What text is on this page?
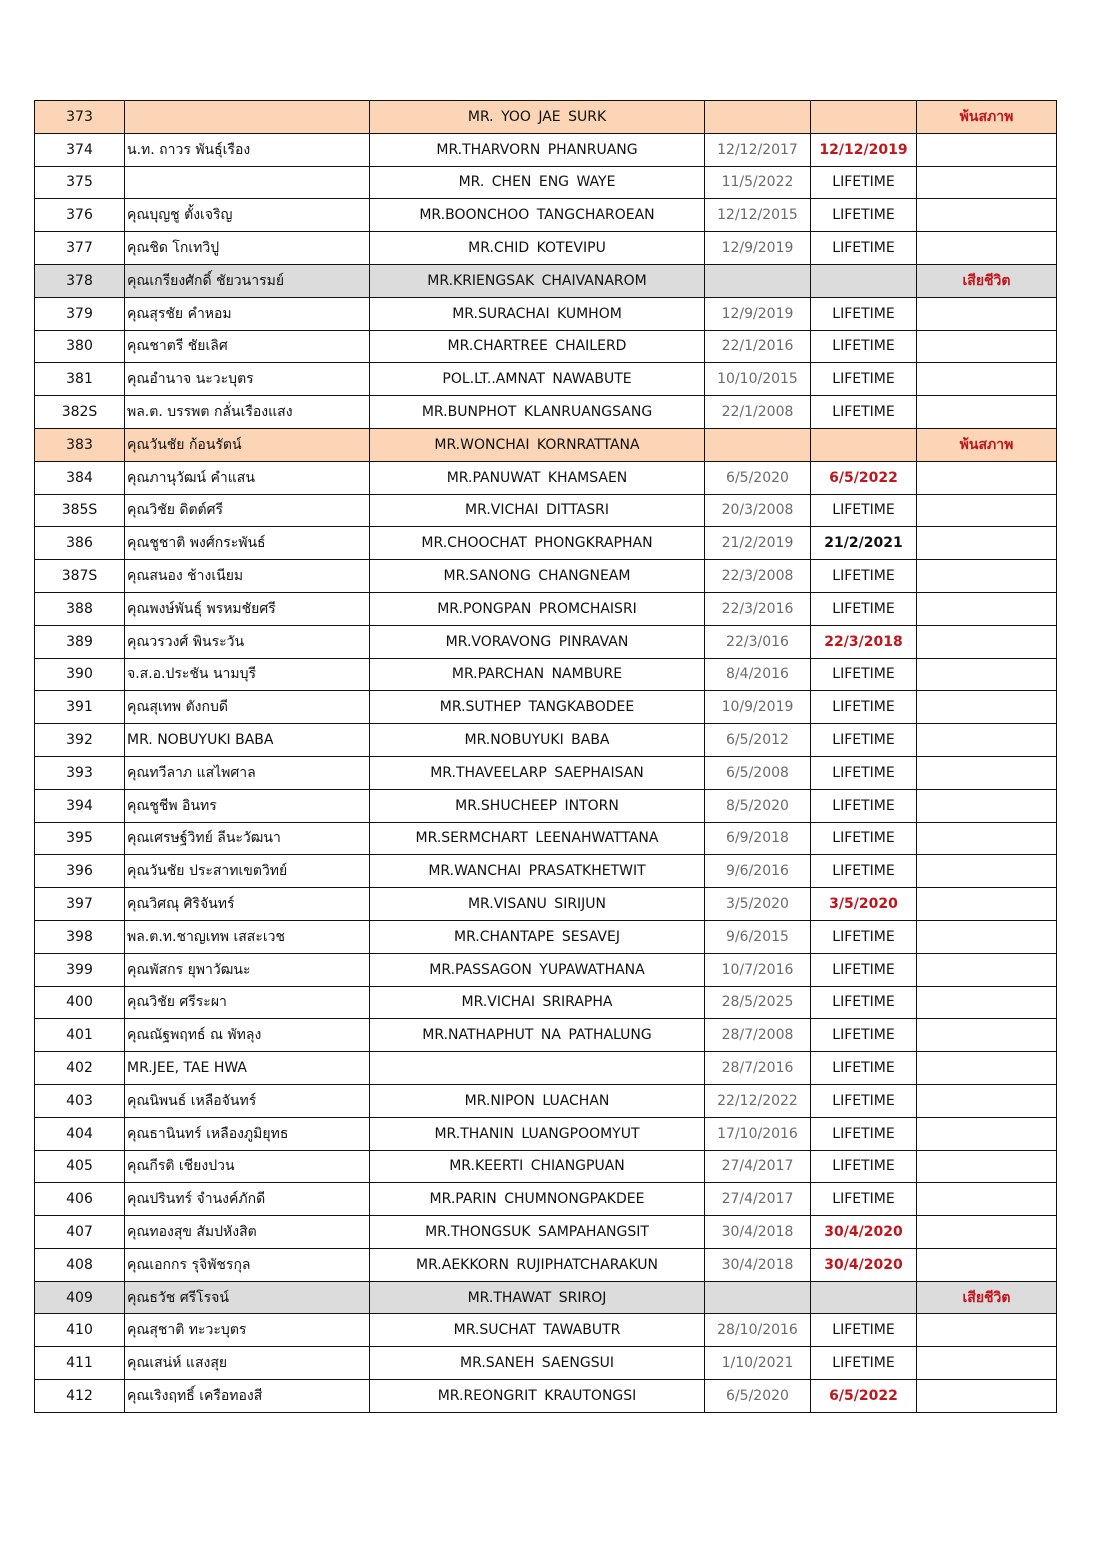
373		MR. YOO JAE SURK			พ้นสภาพ
374	น.ท. ถาวร พันธุ์เรือง	MR.THARVORN PHANRUANG	12/12/2017	12/12/2019	
375		MR. CHEN ENG WAYE	11/5/2022	LIFETIME	
376	คุณบุญชู ตั้งเจริญ	MR.BOONCHOO TANGCHAROEAN	12/12/2015	LIFETIME	
377	คุณชิด โกเทวิปู	MR.CHID KOTEVIPU	12/9/2019	LIFETIME	
378	คุณเกรียงศักดิ์ ชัยวนารมย์	MR.KRIENGSAK CHAIVANAROM			เสียชีวิต
379	คุณสุรชัย คำหอม	MR.SURACHAI KUMHOM	12/9/2019	LIFETIME	
380	คุณชาตรี ชัยเลิศ	MR.CHARTREE CHAILERD	22/1/2016	LIFETIME	
381	คุณอำนาจ นะวะบุตร	POL.LT..AMNAT NAWABUTE	10/10/2015	LIFETIME	
382S	พล.ต. บรรพต กลั่นเรืองแสง	MR.BUNPHOT KLANRUANGSANG	22/1/2008	LIFETIME	
383	คุณวันชัย ก้อนรัตน์	MR.WONCHAI KORNRATTANA			พ้นสภาพ
384	คุณภานุวัฒน์ คำแสน	MR.PANUWAT KHAMSAEN	6/5/2020	6/5/2022	
385S	คุณวิชัย ดิตต์ศรี	MR.VICHAI DITTASRI	20/3/2008	LIFETIME	
386	คุณชูชาติ พงศ์กระพันธ์	MR.CHOOCHAT PHONGKRAPHAN	21/2/2019	21/2/2021	
387S	คุณสนอง ช้างเนียม	MR.SANONG CHANGNEAM	22/3/2008	LIFETIME	
388	คุณพงษ์พันธุ์ พรหมชัยศรี	MR.PONGPAN PROMCHAISRI	22/3/2016	LIFETIME	
389	คุณวรวงศ์ พินระวัน	MR.VORAVONG PINRAVAN	22/3/016	22/3/2018	
390	จ.ส.อ.ประชัน นามบุรี	MR.PARCHAN NAMBURE	8/4/2016	LIFETIME	
391	คุณสุเทพ ตังกบดี	MR.SUTHEP TANGKABODEE	10/9/2019	LIFETIME	
392	MR. NOBUYUKI BABA	MR.NOBUYUKI BABA	6/5/2012	LIFETIME	
393	คุณทวีลาภ แสไพศาล	MR.THAVEELARP SAEPHAISAN	6/5/2008	LIFETIME	
394	คุณชูชีพ อินทร	MR.SHUCHEEP INTORN	8/5/2020	LIFETIME	
395	คุณเศรษฐ์วิทย์ ลีนะวัฒนา	MR.SERMCHART LEENAHWATTANA	6/9/2018	LIFETIME	
396	คุณวันชัย ประสาทเขตวิทย์	MR.WANCHAI PRASATKHETWIT	9/6/2016	LIFETIME	
397	คุณวิศณุ ศิริจันทร์	MR.VISANU SIRIJUN	3/5/2020	3/5/2020	
398	พล.ต.ท.ชาญเทพ เสสะเวช	MR.CHANTAPE SESAVEJ	9/6/2015	LIFETIME	
399	คุณพัสกร ยุพาวัฒนะ	MR.PASSAGON YUPAWATHANA	10/7/2016	LIFETIME	
400	คุณวิชัย ศรีระผา	MR.VICHAI SRIRAPHA	28/5/2025	LIFETIME	
401	คุณณัฐพฤทธ์ ณ พัทลุง	MR.NATHAPHUT NA PATHALUNG	28/7/2008	LIFETIME	
402	MR.JEE, TAE HWA		28/7/2016	LIFETIME	
403	คุณนิพนธ์ เหลือจันทร์	MR.NIPON LUACHAN	22/12/2022	LIFETIME	
404	คุณธานินทร์ เหลืองภูมิยุทธ	MR.THANIN LUANGPOOMYUT	17/10/2016	LIFETIME	
405	คุณกีรติ เชียงปวน	MR.KEERTI CHIANGPUAN	27/4/2017	LIFETIME	
406	คุณปรินทร์ จำนงค์ภักดี	MR.PARIN CHUMNONGPAKDEE	27/4/2017	LIFETIME	
407	คุณทองสุข สัมปหังสิต	MR.THONGSUK SAMPAHANGSIT	30/4/2018	30/4/2020	
408	คุณเอกกร รุจิพัชรกุล	MR.AEKKORN RUJIPHATCHARAKUN	30/4/2018	30/4/2020	
409	คุณธวัช ศรีโรจน์	MR.THAWAT SRIROJ			เสียชีวิต
410	คุณสุชาติ ทะวะบุตร	MR.SUCHAT TAWABUTR	28/10/2016	LIFETIME	
411	คุณเสน่ห์ แสงสุย	MR.SANEH SAENGSUI	1/10/2021	LIFETIME	
412	คุณเริงฤทธิ์ เครือทองสี	MR.REONGRIT KRAUTONGSI	6/5/2020	6/5/2022	
